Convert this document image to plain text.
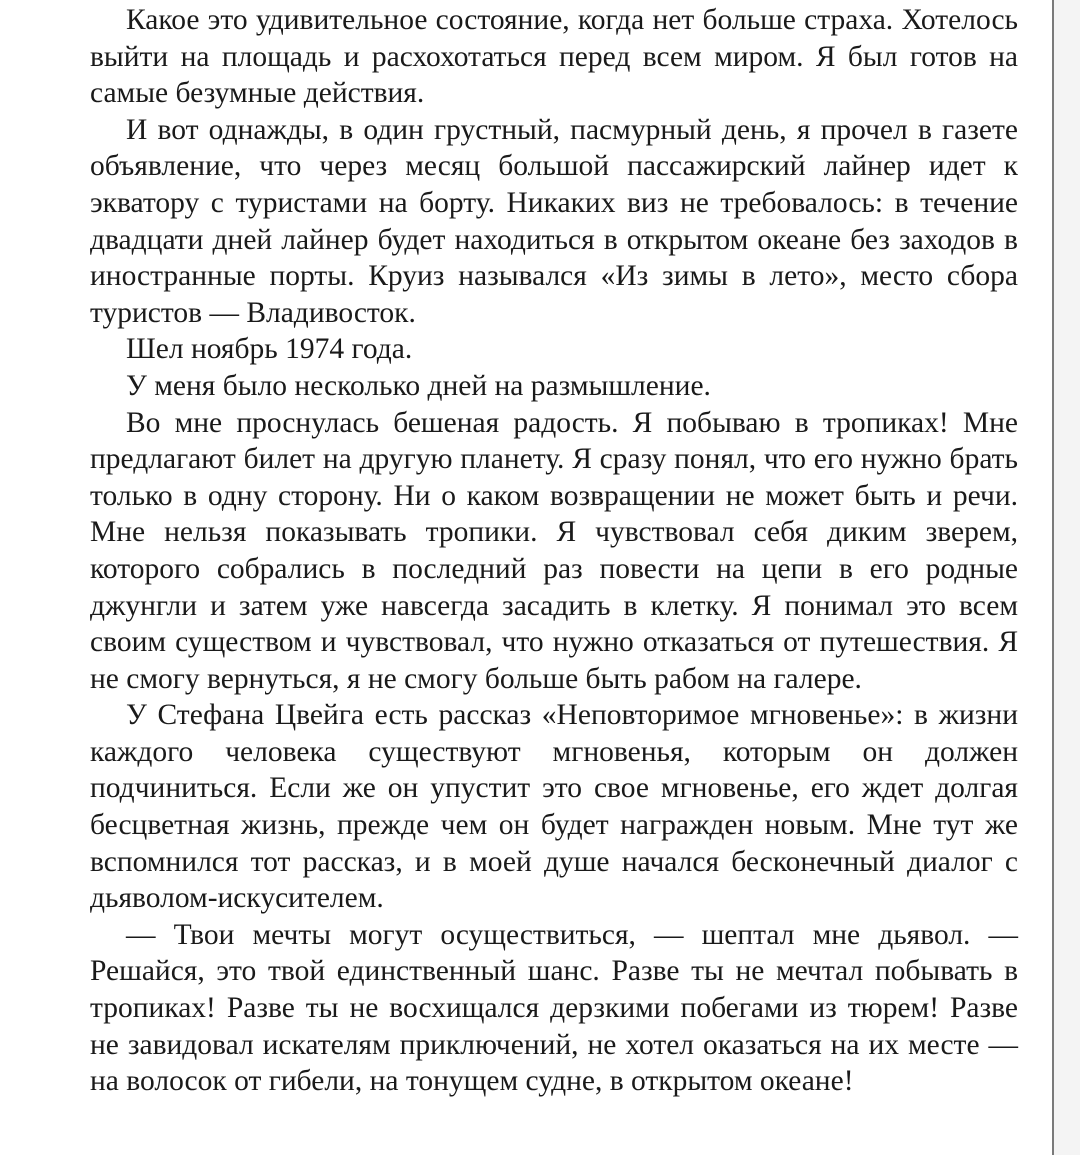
Какое это удивительное состояние, когда нет больше страха. Хотелось выйти на площадь и расхохотаться перед всем миром. Я был готов на самые безумные действия.

И вот однажды, в один грустный, пасмурный день, я прочел в газете объявление, что через месяц большой пассажирский лайнер идет к экватору с туристами на борту. Никаких виз не требовалось: в течение двадцати дней лайнер будет находиться в открытом океане без заходов в иностранные порты. Круиз назывался «Из зимы в лето», место сбора туристов — Владивосток.

Шел ноябрь 1974 года.

У меня было несколько дней на размышление.

Во мне проснулась бешеная радость. Я побываю в тропиках! Мне предлагают билет на другую планету. Я сразу понял, что его нужно брать только в одну сторону. Ни о каком возвращении не может быть и речи. Мне нельзя показывать тропики. Я чувствовал себя диким зверем, которого собрались в последний раз повести на цепи в его родные джунгли и затем уже навсегда засадить в клетку. Я понимал это всем своим существом и чувствовал, что нужно отказаться от путешествия. Я не смогу вернуться, я не смогу больше быть рабом на галере.

У Стефана Цвейга есть рассказ «Неповторимое мгновенье»: в жизни каждого человека существуют мгновенья, которым он должен подчиниться. Если же он упустит это свое мгновенье, его ждет долгая бесцветная жизнь, прежде чем он будет награжден новым. Мне тут же вспомнился тот рассказ, и в моей душе начался бесконечный диалог с дьяволом-искусителем.

— Твои мечты могут осуществиться, — шептал мне дьявол. — Решайся, это твой единственный шанс. Разве ты не мечтал побывать в тропиках! Разве ты не восхищался дерзкими побегами из тюрем! Разве не завидовал искателям приключений, не хотел оказаться на их месте — на волосок от гибели, на тонущем судне, в открытом океане!
